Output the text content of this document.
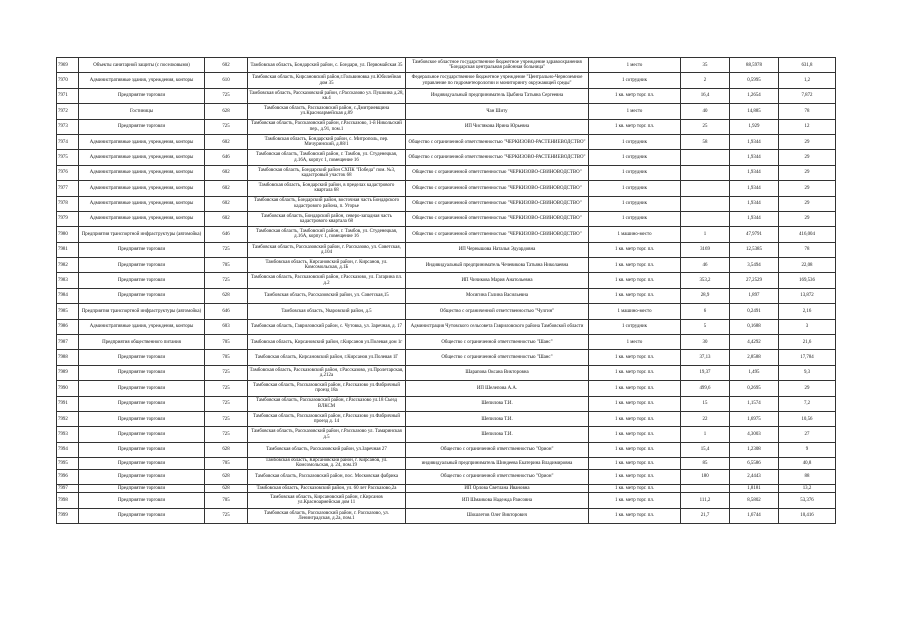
7969	Объекты санитарной защиты (с поселковыми)	602	Тамбовская область, Бондарский район, с. Бондари, ул. Первомайская 35	Тамбовское областное государственное бюджетное учреждение здравоохранения "Бондарская центральная районная больница"	1 место	35	88,5978	631,8
7970	Административные здания, учреждения, конторы	610	Тамбовская область, Кирсановский район,г.Гольвиновка ул.Юбилейная дом 35	Федеральное государственное бюджетное учреждение "Центрально-Черноземное управление по гидрометеорологии и мониторингу окружающей среды"	1 сотрудник	2	0,5995	1,2
7971	Предприятие торговли	725	Тамбовская область, Рассказовский район, г.Рассказово ул. Пушкина д.28, кв.4	Индивидуальный предприниматель Цыбина Татьяна Сергеевна	1 кв. метр торг. пл.	16,4	1,2654	7,872
7972	Гостиницы	628	Тамбовская область, Рассказовский район, с.Дмитриевщина ул.Красноармейская д.89	Чан Шиту	1 место	40	14,885	78
7973	Предприятие торговли	725	Тамбовская область, Рассказовский район, г.Рассказово, 1-й Никольский пер., д.91, пом.1	ИП Чистякова Ирина Юрьевна	1 кв. метр торг. пл.	25	1,929	12
7974	Административные здания, учреждения, конторы	602	Тамбовская область, Бондарский район, с. Митрополь, пер. Мичуринский, д.88/1	Общество с ограниченной ответственностью "ЧЕРКИЗОВО-РАСТЕНИЕВОДСТВО"	1 сотрудник	58	1,9344	29
7975	Административные здания, учреждения, конторы	646	Тамбовская область, Тамбовский район, г. Тамбов, ул. Студенецкая, д.16А, корпус 1, помещение 16	Общество с ограниченной ответственностью "ЧЕРКИЗОВО-РАСТЕНИЕВОДСТВО"	1 сотрудник		1,9344	29
7976	Административные здания, учреждения, конторы	602	Тамбовская область, Бондарский район СХПК "Победа" пом. №3, кадастровый участок 68	Общество с ограниченной ответственностью "ЧЕРКИЗОВО-СВИНОВОДСТВО"	1 сотрудник		1,9344	29
7977	Административные здания, учреждения, конторы	602	Тамбовская область, Бондарский район, в пределах кадастрового квартала 68	Общество с ограниченной ответственностью "ЧЕРКИЗОВО-СВИНОВОДСТВО"	1 сотрудник		1,9344	29
7978	Административные здания, учреждения, конторы	602	Тамбовская область, Бондарский район, восточная часть Бондарского кадастрового района, п. Угорье	Общество с ограниченной ответственностью "ЧЕРКИЗОВО-СВИНОВОДСТВО"	1 сотрудник		1,9344	29
7979	Административные здания, учреждения, конторы	602	Тамбовская область, Бондарский район, северо-западная часть кадастрового квартала 68	Общество с ограниченной ответственностью "ЧЕРКИЗОВО-СВИНОВОДСТВО"	1 сотрудник		1,9344	29
7980	Предприятия транспортной инфраструктуры (автомойка)	646	Тамбовская область, Тамбовский район, г. Тамбов, ул. Студенецкая, д.16А, корпус 1, помещение 16	Общество с ограниченной ответственностью "ЧЕРКИЗОВО-СВИНОВОДСТВО"	1 машино-место	1	47,9791	416,004
7981	Предприятие торговли	725	Тамбовская область, Рассказовский район, г. Рассказово, ул. Советская, д.104	ИП Чернышова Наталья Эдуардовна	1 кв. метр торг. пл.	3169	12,5385	78
7982	Предприятие торговли	705	Тамбовская область, Кирсановский район, г. Кирсанов, ул. Комсомольская, д.1Б	Индивидуальный предприниматель Чечевикова Татьяна Николаевна	1 кв. метр торг. пл.	46	3,5494	22,08
7983	Предприятие торговли	725	Тамбовская область, Рассказовский район, г.Рассказово, ул. Гагарина пл. д.2	ИП Чичикова Мария Анатольевна	1 кв. метр торг. пл.	353,2	27,2529	169,536
7984	Предприятие торговли	628	Тамбовская область, Рассказовский район, ул. Советская,15	Мосягина Галина Васильевна	1 кв. метр торг. пл.	28,9	1,897	13,872
7985	Предприятия транспортной инфраструктуры (автомойка)	646	Тамбовская область, Уваровский район, д.5	Общество с ограниченной ответственностью "Чулгин"	1 машино-место	6	0,2491	2,16
7986	Административные здания, учреждения, конторы	603	Тамбовская область, Гавриловский район, с. Чутовка, ул. Заречная, д. 17	Администрация Чутовского сельсовета Гавриловского района Тамбовской области	1 сотрудник	5	0,1688	3
7987	Предприятия общественного питания	705	Тамбовская область, Кирсановский район, г.Кирсанов ул.Полевая дом 1г	Общество с ограниченной ответственностью "Шанс"	1 место	30	4,4292	21,6
7988	Предприятие торговли	705	Тамбовская область, Кирсановский район, г.Кирсанов ул.Полевая 1Г	Общество с ограниченной ответственностью "Шанс"	1 кв. метр торг. пл.	37,13	2,8588	17,784
7989	Предприятие торговли	725	Тамбовская область, Рассказовский район, г.Рассказово, ул.Пролетарская, д.212а	Шарапова Оксана Викторовна	1 кв. метр торг. пл.	19,37	1,495	9,3
7990	Предприятие торговли	725	Тамбовская область, Рассказовский район, г.Рассказово ул.Фабричный проезд 18а	ИП Шелепова А.А.	1 кв. метр торг. пл.	499,6	0,2695	29
7991	Предприятие торговли	725	Тамбовская область, Рассказовский район, г.Рассказово ул.18 Съезд ВЛКСМ	Шепилова Т.И.	1 кв. метр торг. пл.	15	1,1574	7,2
7992	Предприятие торговли	725	Тамбовская область, Рассказовский район, г.Рассказово ул.Фабричный проезд д. 14	Шепилова Т.И.	1 кв. метр торг. пл.	22	1,6975	10,56
7993	Предприятие торговли	725	Тамбовская область, Рассказовский район, г.Рассказово ул. Тамаринская д.5	Шепилова Т.И.	1 кв. метр торг. пл.	1	4,3003	27
7994	Предприятие торговли	628	Тамбовская область, Рассказовский район, ул.Заречная 27	Общество с ограниченной ответственностью "Орион"	1 кв. метр торг. пл.	15,4	1,2308	9
7995	Предприятие торговли	705	Тамбовская область, Кирсановский район, г. Кирсанов, ул. Комсомольская, д. 24, пом.19	индивидуальный предприниматель Шиндеева Екатерина Владимировна	1 кв. метр торг. пл.	85	6,5586	40,8
7996	Предприятие торговли	628	Тамбовская область, Рассказовский район, пос. Московская фабрика	Общество с ограниченной ответственностью "Орион"	1 кв. метр торг. пл.	180	2,4443	88
7997	Предприятие торговли	628	Тамбовская область, Рассказовский район, ул. 60 лет Рассказово,2а	ИП Орлова Светлана Ивановна	1 кв. метр торг. пл.		1,8181	13,2
7998	Предприятие торговли	705	Тамбовская область, Кирсановский район, г.Кирсанов ул.Красноармейская дом 11	ИП Шмаикова Надежда Раисовна	1 кв. метр торг. пл.	111,2	8,5802	53,376
7999	Предприятие торговли	725	Тамбовская область, Рассказовский район, г. Рассказово, ул. Ленинградская, д.2а, пом.1	Шошлетов Олег Викторович	1 кв. метр торг. пл.	21,7	1,6744	10,416
